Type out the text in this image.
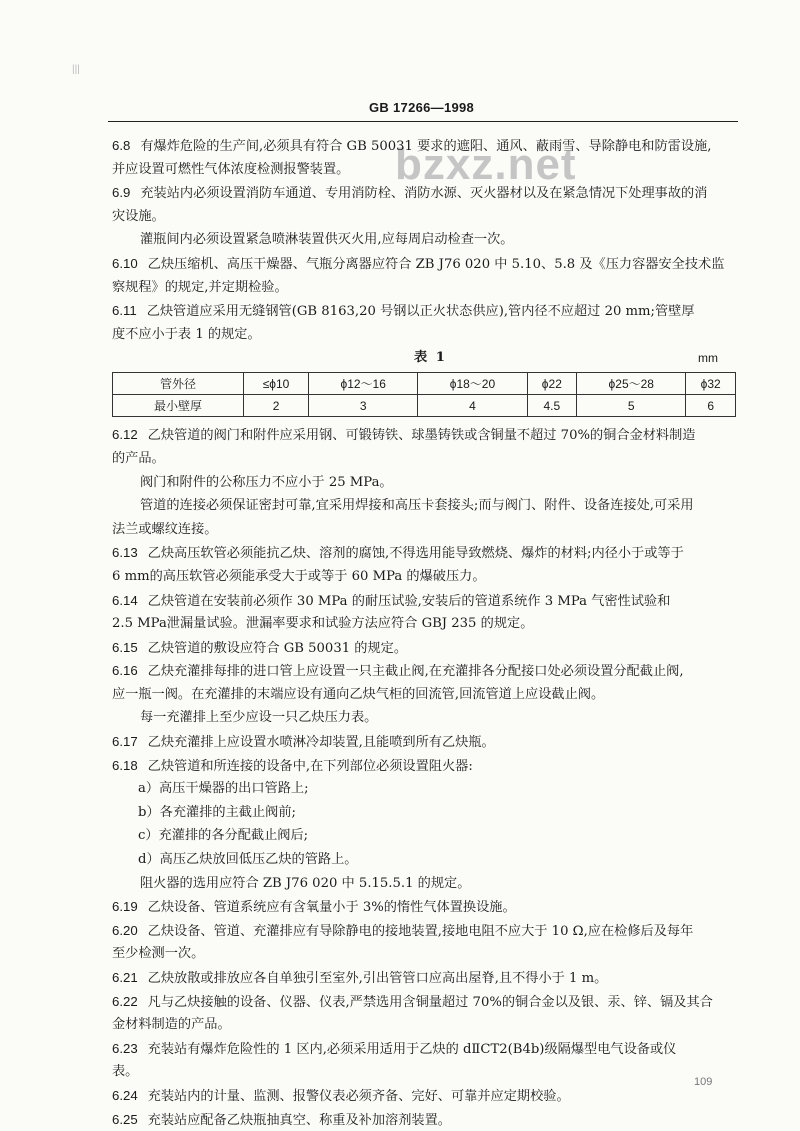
|||
GB 17266—1998
bzxz.net
6.8 有爆炸危险的生产间,必须具有符合 GB 50031 要求的遮阳、通风、蔽雨雪、导除静电和防雷设施,
并应设置可燃性气体浓度检测报警装置。
6.9 充装站内必须设置消防车通道、专用消防栓、消防水源、灭火器材以及在紧急情况下处理事故的消
灾设施。
灌瓶间内必须设置紧急喷淋装置供灭火用,应每周启动检查一次。
6.10 乙炔压缩机、高压干燥器、气瓶分离器应符合 ZB J76 020 中 5.10、5.8 及《压力容器安全技术监
察规程》的规定,并定期检验。
6.11 乙炔管道应采用无缝钢管(GB 8163,20 号钢以正火状态供应),管内径不应超过 20 mm;管壁厚
度不应小于表 1 的规定。
表 1	mm
管外径	≤ϕ10	ϕ12～16	ϕ18～20	ϕ22	ϕ25～28	ϕ32
最小壁厚	2	3	4	4.5	5	6
6.12 乙炔管道的阀门和附件应采用钢、可锻铸铁、球墨铸铁或含铜量不超过 70%的铜合金材料制造
的产品。
阀门和附件的公称压力不应小于 25 MPa。
管道的连接必须保证密封可靠,宜采用焊接和高压卡套接头;而与阀门、附件、设备连接处,可采用
法兰或螺纹连接。
6.13 乙炔高压软管必须能抗乙炔、溶剂的腐蚀,不得选用能导致燃烧、爆炸的材料;内径小于或等于
6 mm的高压软管必须能承受大于或等于 60 MPa 的爆破压力。
6.14 乙炔管道在安装前必须作 30 MPa 的耐压试验,安装后的管道系统作 3 MPa 气密性试验和
2.5 MPa泄漏量试验。泄漏率要求和试验方法应符合 GBJ 235 的规定。
6.15 乙炔管道的敷设应符合 GB 50031 的规定。
6.16 乙炔充灌排每排的进口管上应设置一只主截止阀,在充灌排各分配接口处必须设置分配截止阀,
应一瓶一阀。在充灌排的末端应设有通向乙炔气柜的回流管,回流管道上应设截止阀。
每一充灌排上至少应设一只乙炔压力表。
6.17 乙炔充灌排上应设置水喷淋冷却装置,且能喷到所有乙炔瓶。
6.18 乙炔管道和所连接的设备中,在下列部位必须设置阻火器:
a）高压干燥器的出口管路上;
b）各充灌排的主截止阀前;
c）充灌排的各分配截止阀后;
d）高压乙炔放回低压乙炔的管路上。
阻火器的选用应符合 ZB J76 020 中 5.15.5.1 的规定。
6.19 乙炔设备、管道系统应有含氧量小于 3%的惰性气体置换设施。
6.20 乙炔设备、管道、充灌排应有导除静电的接地装置,接地电阻不应大于 10 Ω,应在检修后及每年
至少检测一次。
6.21 乙炔放散或排放应各自单独引至室外,引出管管口应高出屋脊,且不得小于 1 m。
6.22 凡与乙炔接触的设备、仪器、仪表,严禁选用含铜量超过 70%的铜合金以及银、汞、锌、镉及其合
金材料制造的产品。
6.23 充装站有爆炸危险性的 1 区内,必须采用适用于乙炔的 dⅡCT2(B4b)级隔爆型电气设备或仪
表。
6.24 充装站内的计量、监测、报警仪表必须齐备、完好、可靠并应定期校验。
6.25 充装站应配备乙炔瓶抽真空、称重及补加溶剂装置。
109
